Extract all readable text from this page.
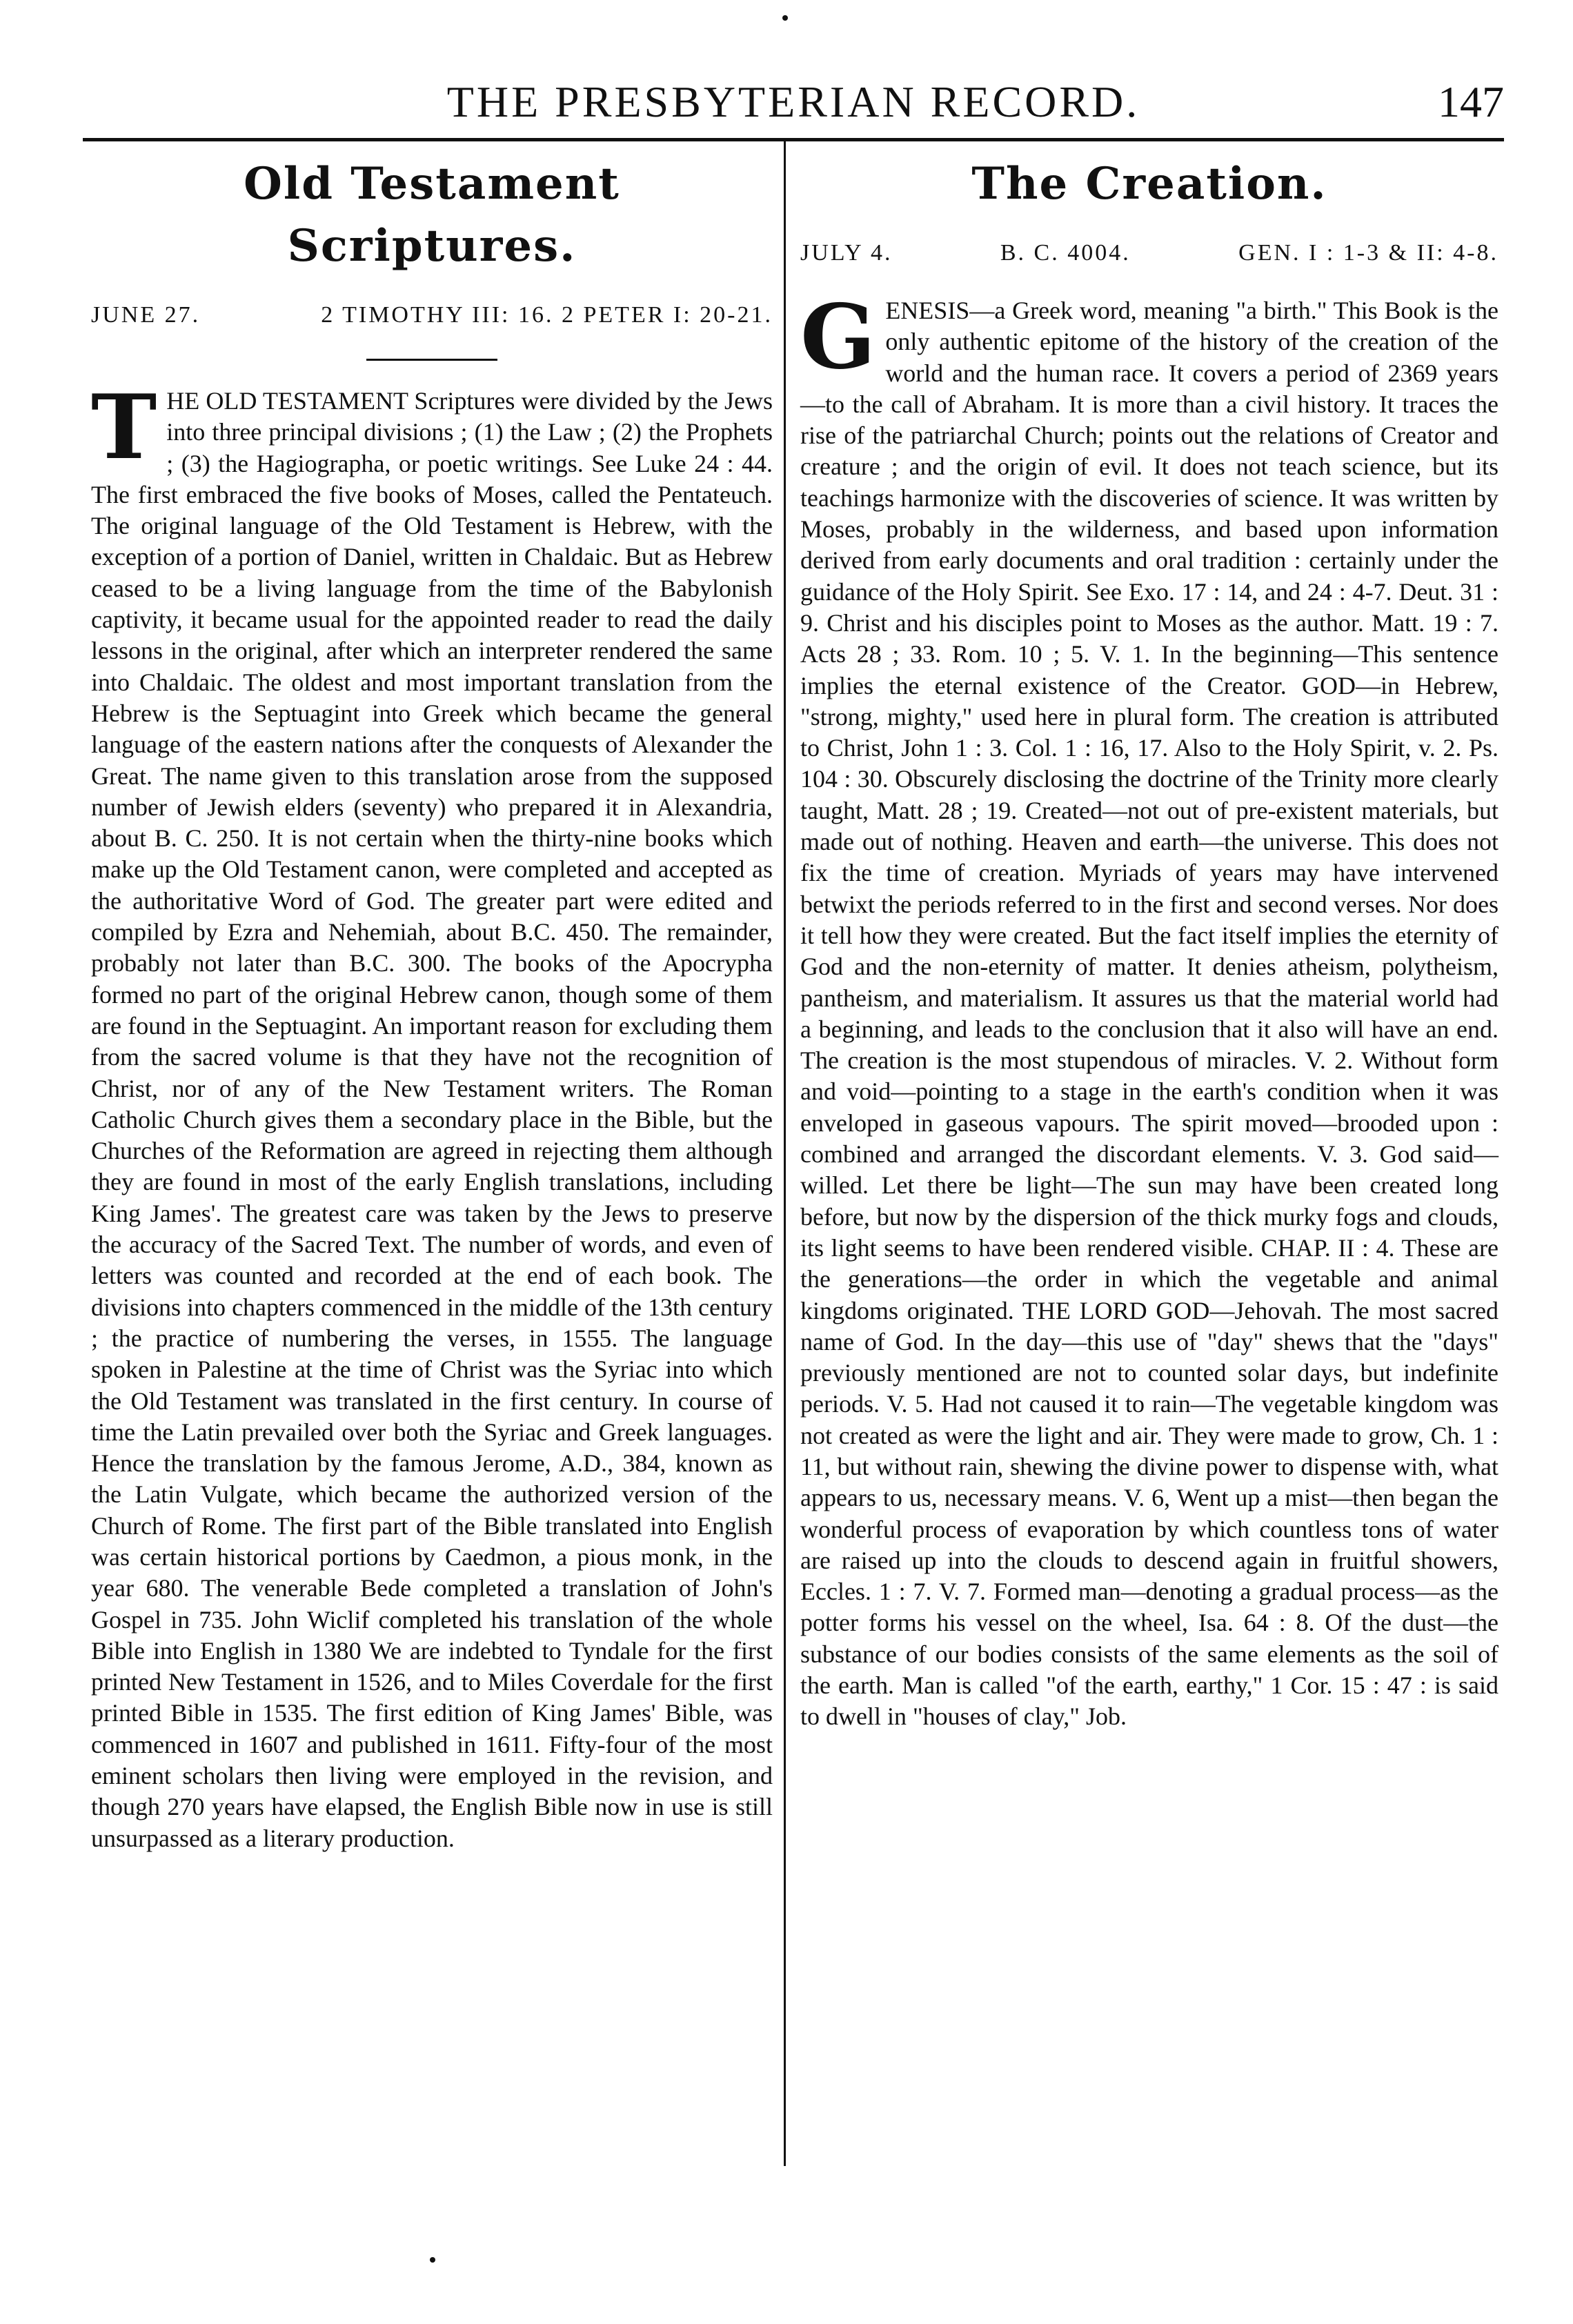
THE PRESBYTERIAN RECORD.	147
Old Testament Scriptures.
JUNE 27.	2 TIMOTHY III: 16. 2 PETER I: 20-21.

THE OLD TESTAMENT Scriptures were divided by the Jews into three principal divisions ; (1) the Law ; (2) the Prophets ; (3) the Hagiographa, or poetic writings. See Luke 24 : 44. The first embraced the five books of Moses, called the Pentateuch. The original language of the Old Testament is Hebrew, with the exception of a portion of Daniel, written in Chaldaic. But as Hebrew ceased to be a living language from the time of the Babylonish captivity, it became usual for the appointed reader to read the daily lessons in the original, after which an interpreter rendered the same into Chaldaic. The oldest and most important translation from the Hebrew is the Septuagint into Greek which became the general language of the eastern nations after the conquests of Alexander the Great. The name given to this translation arose from the supposed number of Jewish elders (seventy) who prepared it in Alexandria, about B. C. 250. It is not certain when the thirty-nine books which make up the Old Testament canon, were completed and accepted as the authoritative Word of God. The greater part were edited and compiled by Ezra and Nehemiah, about B.C. 450. The remainder, probably not later than B.C. 300. The books of the Apocrypha formed no part of the original Hebrew canon, though some of them are found in the Septuagint. An important reason for excluding them from the sacred volume is that they have not the recognition of Christ, nor of any of the New Testament writers. The Roman Catholic Church gives them a secondary place in the Bible, but the Churches of the Reformation are agreed in rejecting them although they are found in most of the early English translations, including King James'. The greatest care was taken by the Jews to preserve the accuracy of the Sacred Text. The number of words, and even of letters was counted and recorded at the end of each book. The divisions into chapters commenced in the middle of the 13th century ; the practice of numbering the verses, in 1555. The language spoken in Palestine at the time of Christ was the Syriac into which the Old Testament was translated in the first century. In course of time the Latin prevailed over both the Syriac and Greek languages. Hence the translation by the famous Jerome, A.D., 384, known as the Latin Vulgate, which became the authorized version of the Church of Rome. The first part of the Bible translated into English was certain historical portions by Caedmon, a pious monk, in the year 680. The venerable Bede completed a translation of John's Gospel in 735. John Wiclif completed his translation of the whole Bible into English in 1380 We are indebted to Tyndale for the first printed New Testament in 1526, and to Miles Coverdale for the first printed Bible in 1535. The first edition of King James' Bible, was commenced in 1607 and published in 1611. Fifty-four of the most eminent scholars then living were employed in the revision, and though 270 years have elapsed, the English Bible now in use is still unsurpassed as a literary production.

The Creation.
JULY 4.	B. C. 4004.	GEN. I : 1-3 & II: 4-8.

GENESIS—a Greek word, meaning "a birth." This Book is the only authentic epitome of the history of the creation of the world and the human race. It covers a period of 2369 years —to the call of Abraham. It is more than a civil history. It traces the rise of the patriarchal Church; points out the relations of Creator and creature ; and the origin of evil. It does not teach science, but its teachings harmonize with the discoveries of science. It was written by Moses, probably in the wilderness, and based upon information derived from early documents and oral tradition : certainly under the guidance of the Holy Spirit. See Exo. 17 : 14, and 24 : 4-7. Deut. 31 : 9. Christ and his disciples point to Moses as the author. Matt. 19 : 7. Acts 28 ; 33. Rom. 10 ; 5. V. 1. In the beginning—This sentence implies the eternal existence of the Creator. GOD—in Hebrew, "strong, mighty," used here in plural form. The creation is attributed to Christ, John 1 : 3. Col. 1 : 16, 17. Also to the Holy Spirit, v. 2. Ps. 104 : 30. Obscurely disclosing the doctrine of the Trinity more clearly taught, Matt. 28 ; 19. Created—not out of pre-existent materials, but made out of nothing. Heaven and earth—the universe. This does not fix the time of creation. Myriads of years may have intervened betwixt the periods referred to in the first and second verses. Nor does it tell how they were created. But the fact itself implies the eternity of God and the non-eternity of matter. It denies atheism, polytheism, pantheism, and materialism. It assures us that the material world had a beginning, and leads to the conclusion that it also will have an end. The creation is the most stupendous of miracles. V. 2. Without form and void—pointing to a stage in the earth's condition when it was enveloped in gaseous vapours. The spirit moved—brooded upon : combined and arranged the discordant elements. V. 3. God said—willed. Let there be light—The sun may have been created long before, but now by the dispersion of the thick murky fogs and clouds, its light seems to have been rendered visible. CHAP. II : 4. These are the generations—the order in which the vegetable and animal kingdoms originated. THE LORD GOD—Jehovah. The most sacred name of God. In the day—this use of "day" shews that the "days" previously mentioned are not to counted solar days, but indefinite periods. V. 5. Had not caused it to rain—The vegetable kingdom was not created as were the light and air. They were made to grow, Ch. 1 : 11, but without rain, shewing the divine power to dispense with, what appears to us, necessary means. V. 6, Went up a mist—then began the wonderful process of evaporation by which countless tons of water are raised up into the clouds to descend again in fruitful showers, Eccles. 1 : 7. V. 7. Formed man—denoting a gradual process—as the potter forms his vessel on the wheel, Isa. 64 : 8. Of the dust—the substance of our bodies consists of the same elements as the soil of the earth. Man is called "of the earth, earthy," 1 Cor. 15 : 47 : is said to dwell in "houses of clay," Job.
